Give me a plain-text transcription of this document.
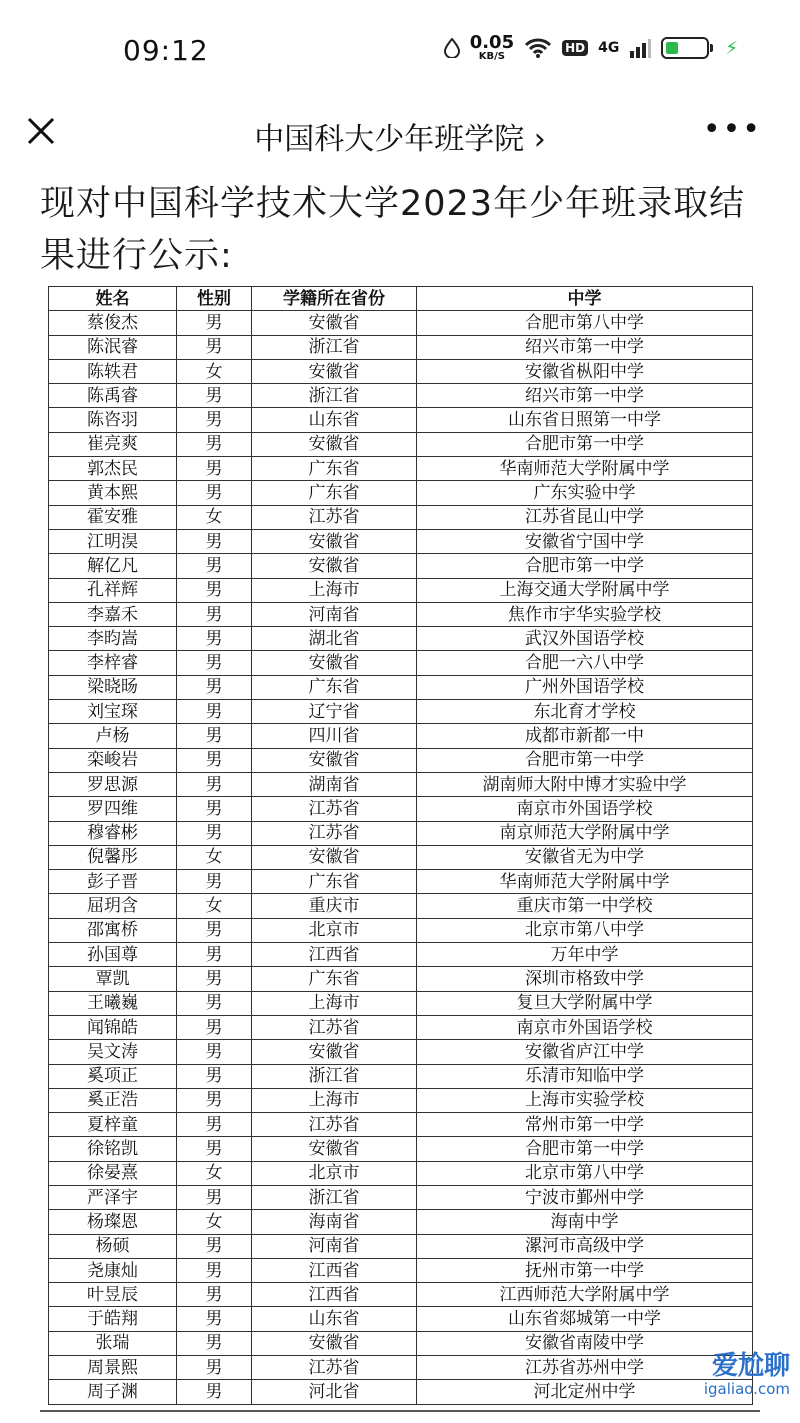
09:12	0.05
KB/S
HD 4G	⚡
中国科大少年班学院 ›	•••
现对中国科学技术大学2023年少年班录取结果进行公示:
姓名	性别	学籍所在省份	中学
蔡俊杰	男	安徽省	合肥市第八中学
陈泯睿	男	浙江省	绍兴市第一中学
陈轶君	女	安徽省	安徽省枞阳中学
陈禹睿	男	浙江省	绍兴市第一中学
陈咨羽	男	山东省	山东省日照第一中学
崔亮爽	男	安徽省	合肥市第一中学
郭杰民	男	广东省	华南师范大学附属中学
黄本熙	男	广东省	广东实验中学
霍安雅	女	江苏省	江苏省昆山中学
江明淏	男	安徽省	安徽省宁国中学
解亿凡	男	安徽省	合肥市第一中学
孔祥辉	男	上海市	上海交通大学附属中学
李嘉禾	男	河南省	焦作市宇华实验学校
李昀嵩	男	湖北省	武汉外国语学校
李梓睿	男	安徽省	合肥一六八中学
梁晓旸	男	广东省	广州外国语学校
刘宝琛	男	辽宁省	东北育才学校
卢杨	男	四川省	成都市新都一中
栾峻岩	男	安徽省	合肥市第一中学
罗思源	男	湖南省	湖南师大附中博才实验中学
罗四维	男	江苏省	南京市外国语学校
穆睿彬	男	江苏省	南京师范大学附属中学
倪馨彤	女	安徽省	安徽省无为中学
彭子晋	男	广东省	华南师范大学附属中学
屈玥含	女	重庆市	重庆市第一中学校
邵寓桥	男	北京市	北京市第八中学
孙国尊	男	江西省	万年中学
覃凯	男	广东省	深圳市格致中学
王曦巍	男	上海市	复旦大学附属中学
闻锦皓	男	江苏省	南京市外国语学校
吴文涛	男	安徽省	安徽省庐江中学
奚项正	男	浙江省	乐清市知临中学
奚正浩	男	上海市	上海市实验学校
夏梓童	男	江苏省	常州市第一中学
徐铭凯	男	安徽省	合肥市第一中学
徐晏熹	女	北京市	北京市第八中学
严泽宇	男	浙江省	宁波市鄞州中学
杨璨恩	女	海南省	海南中学
杨硕	男	河南省	漯河市高级中学
尧康灿	男	江西省	抚州市第一中学
叶昱辰	男	江西省	江西师范大学附属中学
于皓翔	男	山东省	山东省郯城第一中学
张瑞	男	安徽省	安徽省南陵中学
周景熙	男	江苏省	江苏省苏州中学
周子渊	男	河北省	河北定州中学
爱尬聊
igaliao.com
